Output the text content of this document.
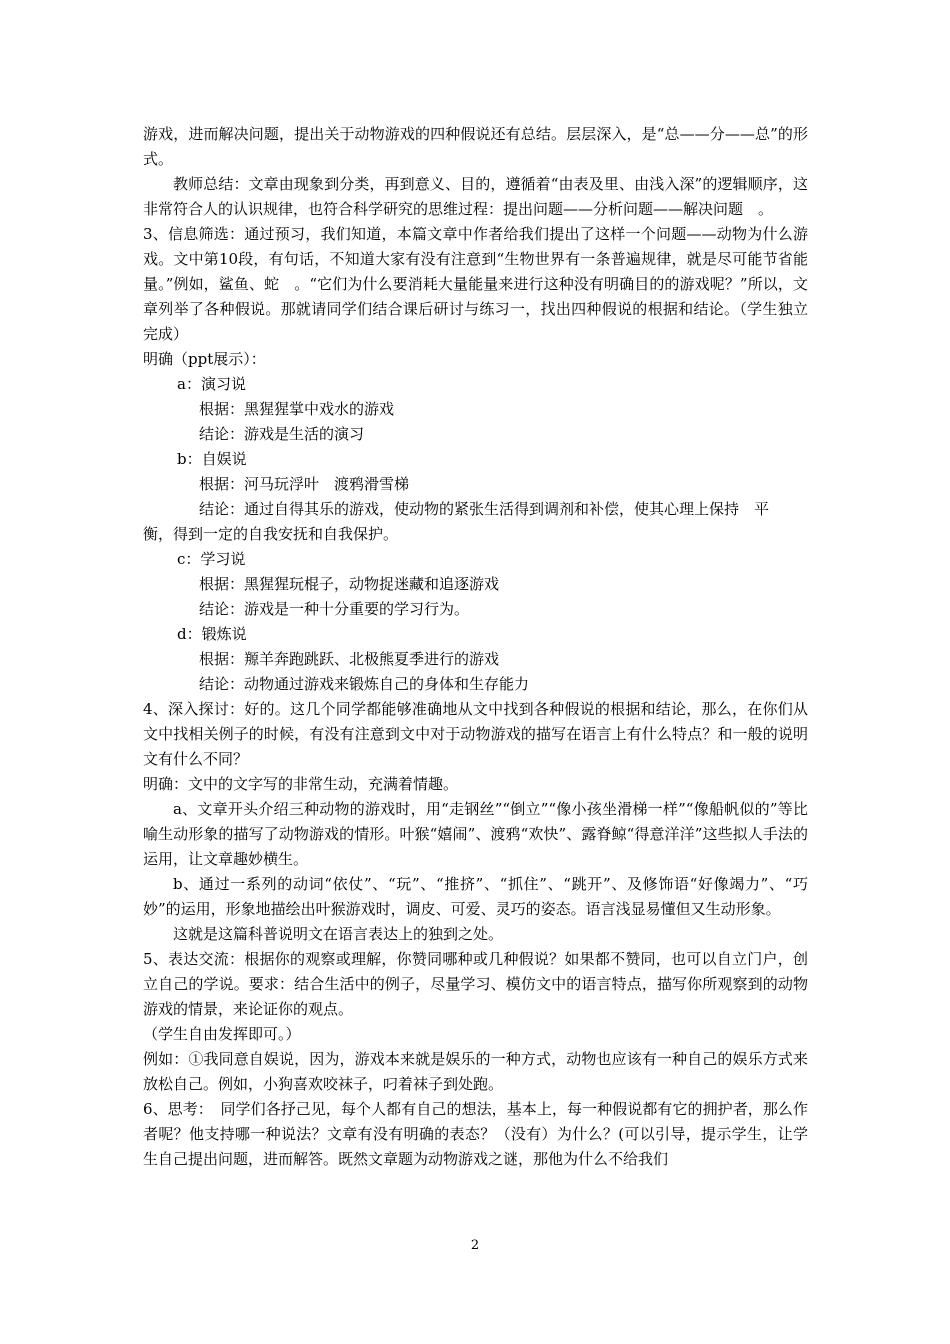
游戏，进而解决问题，提出关于动物游戏的四种假说还有总结。层层深入，是“总——分——总”的形式。

教师总结：文章由现象到分类，再到意义、目的，遵循着“由表及里、由浅入深”的逻辑顺序，这非常符合人的认识规律，也符合科学研究的思维过程：提出问题——分析问题——解决问题　。

3、信息筛选：通过预习，我们知道，本篇文章中作者给我们提出了这样一个问题——动物为什么游戏。文中第10段，有句话，不知道大家有没有注意到“生物世界有一条普遍规律，就是尽可能节省能量。”例如，鲨鱼、蛇　。“它们为什么要消耗大量能量来进行这种没有明确目的的游戏呢？”所以，文章列举了各种假说。那就请同学们结合课后研讨与练习一，找出四种假说的根据和结论。（学生独立完成）

明确（ppt展示）：

a：演习说

根据：黑猩猩掌中戏水的游戏

结论：游戏是生活的演习

b：自娱说

根据：河马玩浮叶　渡鸦滑雪梯

结论：通过自得其乐的游戏，使动物的紧张生活得到调剂和补偿，使其心理上保持　平

衡，得到一定的自我安抚和自我保护。

c：学习说

根据：黑猩猩玩棍子，动物捉迷藏和追逐游戏

结论：游戏是一种十分重要的学习行为。

d：锻炼说

根据：羱羊奔跑跳跃、北极熊夏季进行的游戏

结论：动物通过游戏来锻炼自己的身体和生存能力

4、深入探讨：好的。这几个同学都能够准确地从文中找到各种假说的根据和结论，那么，在你们从文中找相关例子的时候，有没有注意到文中对于动物游戏的描写在语言上有什么特点？和一般的说明文有什么不同？

明确：文中的文字写的非常生动，充满着情趣。

a、文章开头介绍三种动物的游戏时，用“走钢丝”“倒立”“像小孩坐滑梯一样”“像船帆似的”等比喻生动形象的描写了动物游戏的情形。叶猴“嬉闹”、渡鸦“欢快”、露脊鲸“得意洋洋”这些拟人手法的运用，让文章趣妙横生。

b、通过一系列的动词“依仗”、“玩”、“推挤”、“抓住”、“跳开”、及修饰语“好像竭力”、“巧妙”的运用，形象地描绘出叶猴游戏时，调皮、可爱、灵巧的姿态。语言浅显易懂但又生动形象。

这就是这篇科普说明文在语言表达上的独到之处。

5、表达交流：根据你的观察或理解，你赞同哪种或几种假说？如果都不赞同，也可以自立门户，创立自己的学说。要求：结合生活中的例子，尽量学习、模仿文中的语言特点，描写你所观察到的动物游戏的情景，来论证你的观点。

（学生自由发挥即可。）

例如：①我同意自娱说，因为，游戏本来就是娱乐的一种方式，动物也应该有一种自己的娱乐方式来放松自己。例如，小狗喜欢咬袜子，叼着袜子到处跑。

6、思考：　同学们各抒己见，每个人都有自己的想法，基本上，每一种假说都有它的拥护者，那么作者呢？他支持哪一种说法？文章有没有明确的表态？（没有）为什么？(可以引导，提示学生，让学生自己提出问题，进而解答。既然文章题为动物游戏之谜，那他为什么不给我们

2
